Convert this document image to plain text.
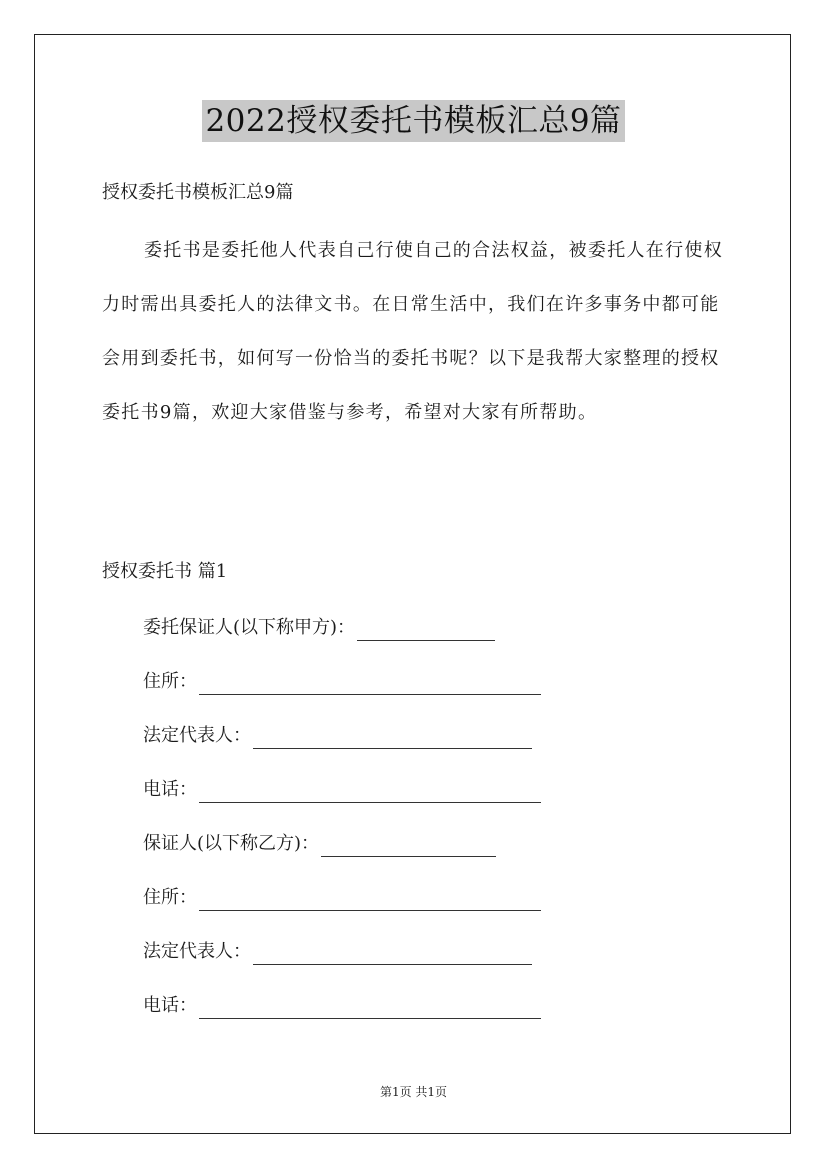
2022授权委托书模板汇总9篇
授权委托书模板汇总9篇

委托书是委托他人代表自己行使自己的合法权益，被委托人在行使权力时需出具委托人的法律文书。在日常生活中，我们在许多事务中都可能会用到委托书，如何写一份恰当的委托书呢？以下是我帮大家整理的授权委托书9篇，欢迎大家借鉴与参考，希望对大家有所帮助。

授权委托书 篇1
委托保证人(以下称甲方)：
住所：
法定代表人：
电话：
保证人(以下称乙方)：
住所：
法定代表人：
电话：
第1页 共1页
